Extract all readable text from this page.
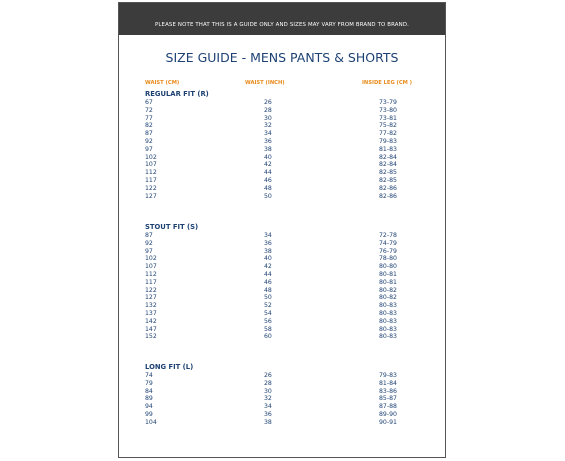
PLEASE NOTE THAT THIS IS A GUIDE ONLY AND SIZES MAY VARY FROM BRAND TO BRAND.
SIZE GUIDE - MENS PANTS & SHORTS
WAIST (CM)	WAIST (INCH)	INSIDE LEG (CM )
REGULAR FIT (R)
67	26	73-79
72	28	73-80
77	30	73-81
82	32	75-82
87	34	77-82
92	36	79-83
97	38	81-83
102	40	82-84
107	42	82-84
112	44	82-85
117	46	82-85
122	48	82-86
127	50	82-86
STOUT FIT (S)
87	34	72-78
92	36	74-79
97	38	76-79
102	40	78-80
107	42	80-80
112	44	80-81
117	46	80-81
122	48	80-82
127	50	80-82
132	52	80-83
137	54	80-83
142	56	80-83
147	58	80-83
152	60	80-83
LONG FIT (L)
74	26	79-83
79	28	81-84
84	30	83-86
89	32	85-87
94	34	87-88
99	36	89-90
104	38	90-91
